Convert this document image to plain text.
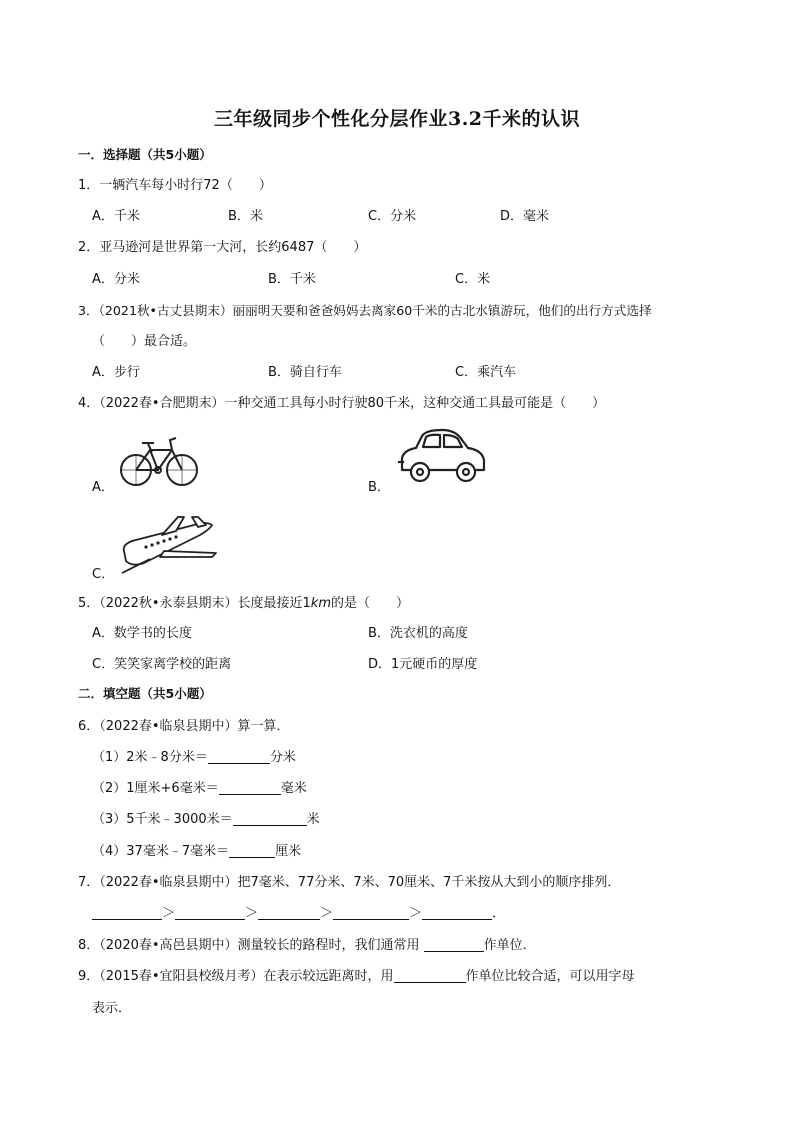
三年级同步个性化分层作业3.2千米的认识
一．选择题（共5小题）
1．一辆汽车每小时行72（　　）
A．千米	B．米	C．分米	D．毫米
2．亚马逊河是世界第一大河，长约6487（　　）
A．分米	B．千米	C．米
3．（2021秋•古丈县期末）丽丽明天要和爸爸妈妈去离家60千米的古北水镇游玩，他们的出行方式选择
（　　）最合适。
A．步行	B．骑自行车	C．乘汽车
4．（2022春•合肥期末）一种交通工具每小时行驶80千米，这种交通工具最可能是（　　）
A．	B．
C．
5．（2022秋•永泰县期末）长度最接近1km的是（　　）
A．数学书的长度	B．洗衣机的高度
C．笑笑家离学校的距离	D．1元硬币的厚度
二．填空题（共5小题）
6．（2022春•临泉县期中）算一算．
（1）2米﹣8分米＝	分米
（2）1厘米+6毫米＝	毫米
（3）5千米﹣3000米＝	米
（4）37毫米﹣7毫米＝	厘米
7．（2022春•临泉县期中）把7毫米、77分米、7米、70厘米、7千米按从大到小的顺序排列．
＞	＞	＞	＞	．
8．（2020春•高邑县期中）测量较长的路程时，我们通常用	作单位．
9．（2015春•宜阳县校级月考）在表示较远距离时，用	作单位比较合适，可以用字母
表示．
